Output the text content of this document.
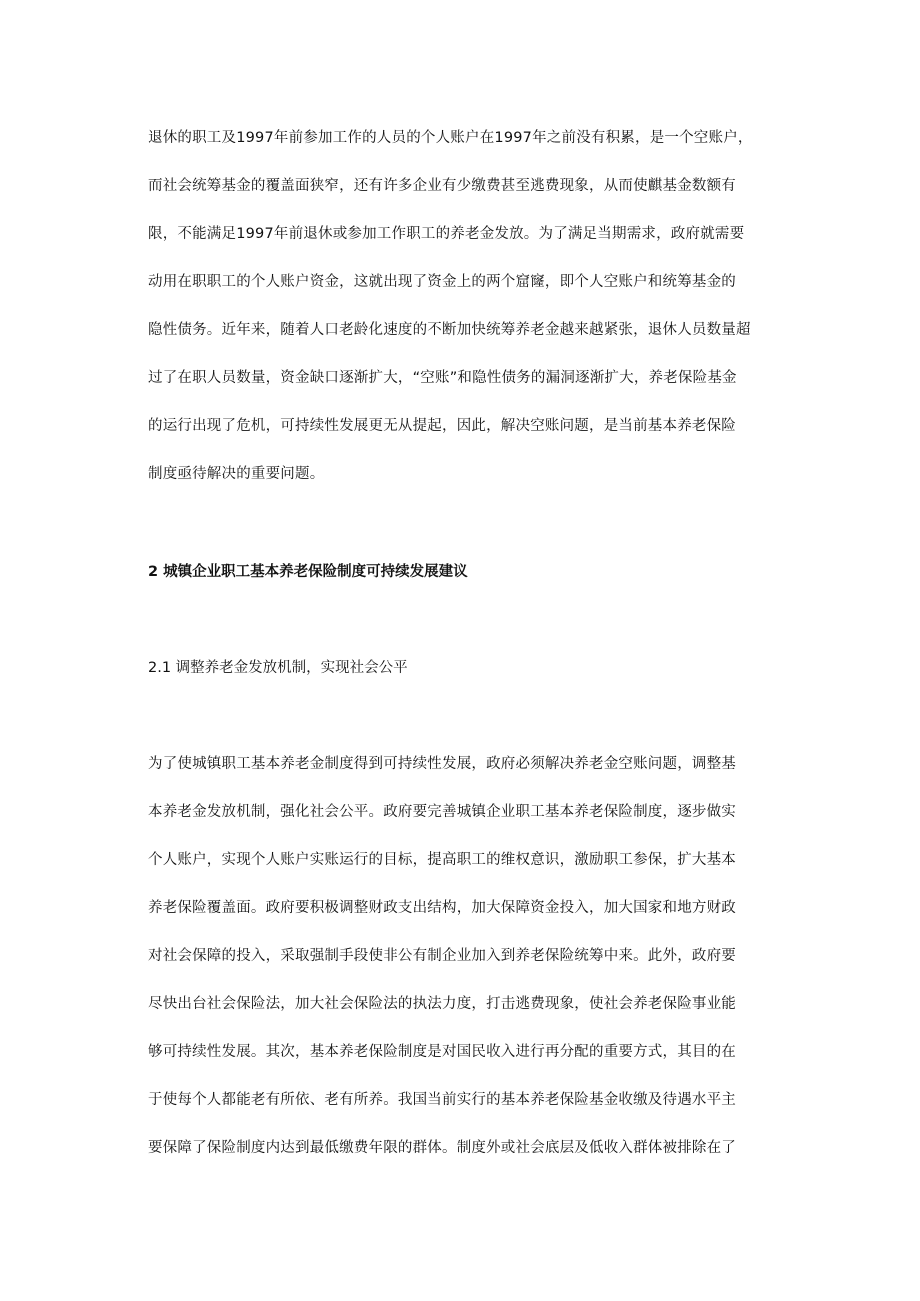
退休的职工及1997年前参加工作的人员的个人账户在1997年之前没有积累，是一个空账户，
而社会统筹基金的覆盖面狭窄，还有许多企业有少缴费甚至逃费现象，从而使麒基金数额有
限，不能满足1997年前退休或参加工作职工的养老金发放。为了满足当期需求，政府就需要
动用在职职工的个人账户资金，这就出现了资金上的两个窟窿，即个人空账户和统筹基金的
隐性债务。近年来，随着人口老龄化速度的不断加快统筹养老金越来越紧张，退休人员数量超
过了在职人员数量，资金缺口逐渐扩大，“空账”和隐性债务的漏洞逐渐扩大，养老保险基金
的运行出现了危机，可持续性发展更无从提起，因此，解决空账问题，是当前基本养老保险
制度亟待解决的重要问题。
2 城镇企业职工基本养老保险制度可持续发展建议
2.1 调整养老金发放机制，实现社会公平
为了使城镇职工基本养老金制度得到可持续性发展，政府必须解决养老金空账问题，调整基
本养老金发放机制，强化社会公平。政府要完善城镇企业职工基本养老保险制度，逐步做实
个人账户，实现个人账户实账运行的目标，提高职工的维权意识，激励职工参保，扩大基本
养老保险覆盖面。政府要积极调整财政支出结构，加大保障资金投入，加大国家和地方财政
对社会保障的投入，采取强制手段使非公有制企业加入到养老保险统筹中来。此外，政府要
尽快出台社会保险法，加大社会保险法的执法力度，打击逃费现象，使社会养老保险事业能
够可持续性发展。其次，基本养老保险制度是对国民收入进行再分配的重要方式，其目的在
于使每个人都能老有所依、老有所养。我国当前实行的基本养老保险基金收缴及待遇水平主
要保障了保险制度内达到最低缴费年限的群体。制度外或社会底层及低收入群体被排除在了
